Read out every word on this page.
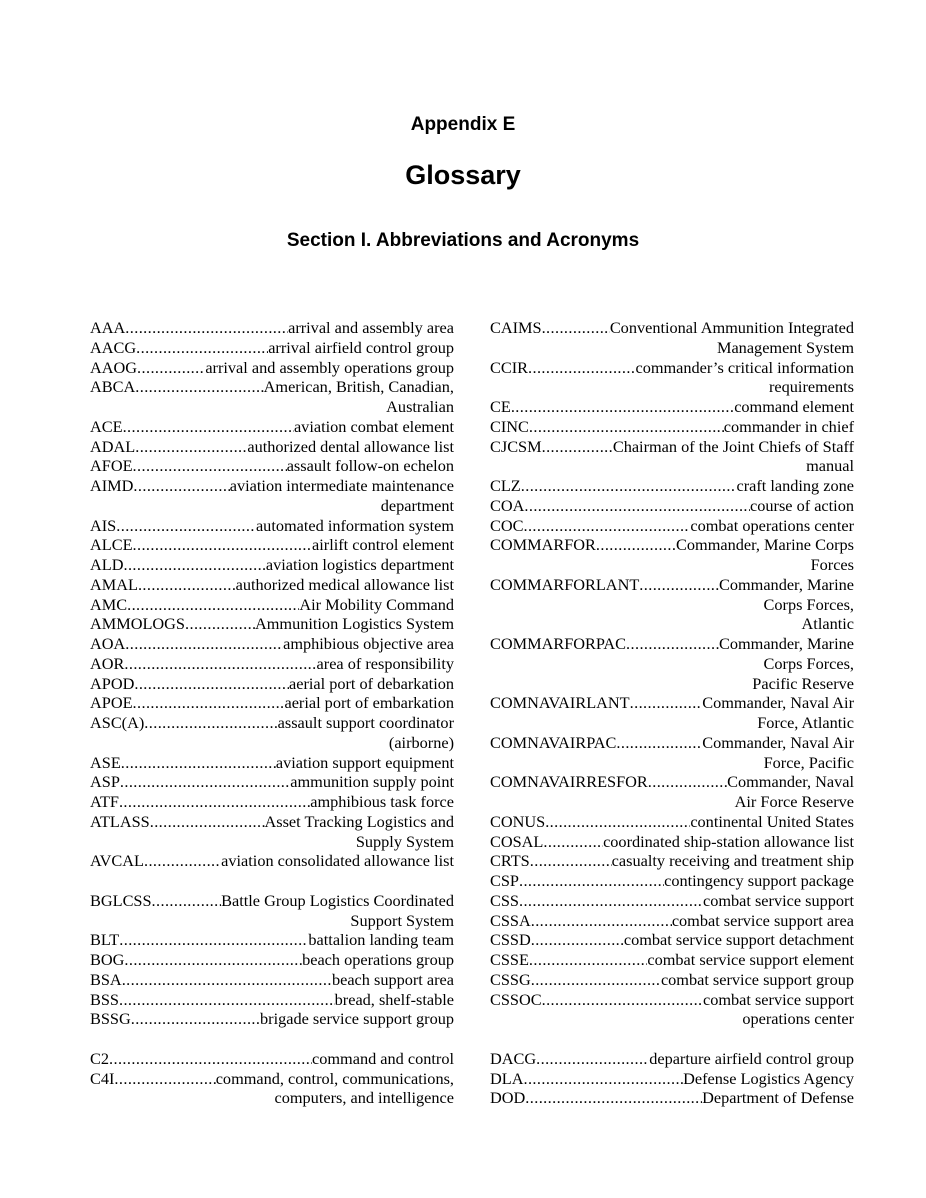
Appendix E
Glossary
Section I. Abbreviations and Acronyms
AAA .....	arrival and assembly area
AACG .....	arrival airfield control group
AAOG .....	arrival and assembly operations group
ABCA .....	American, British, Canadian,
Australian
ACE .....	aviation combat element
ADAL .....	authorized dental allowance list
AFOE .....	assault follow-on echelon
AIMD .....	aviation intermediate maintenance
department
AIS .....	automated information system
ALCE .....	airlift control element
ALD .....	aviation logistics department
AMAL .....	authorized medical allowance list
AMC .....	Air Mobility Command
AMMOLOGS .....	Ammunition Logistics System
AOA .....	amphibious objective area
AOR .....	area of responsibility
APOD .....	aerial port of debarkation
APOE .....	aerial port of embarkation
ASC(A) .....	assault support coordinator
(airborne)
ASE .....	aviation support equipment
ASP .....	ammunition supply point
ATF .....	amphibious task force
ATLASS .....	Asset Tracking Logistics and
Supply System
AVCAL .....	aviation consolidated allowance list
BGLCSS .....	Battle Group Logistics Coordinated
Support System
BLT .....	battalion landing team
BOG .....	beach operations group
BSA .....	beach support area
BSS .....	bread, shelf-stable
BSSG .....	brigade service support group
C2 .....	command and control
C4I .....	command, control, communications,
computers, and intelligence
CAIMS .....	Conventional Ammunition Integrated
Management System
CCIR .....	commander’s critical information
requirements
CE .....	command element
CINC .....	commander in chief
CJCSM .....	Chairman of the Joint Chiefs of Staff
manual
CLZ .....	craft landing zone
COA .....	course of action
COC .....	combat operations center
COMMARFOR .....	Commander, Marine Corps
Forces
COMMARFORLANT .....	Commander, Marine
Corps Forces,
Atlantic
COMMARFORPAC .....	Commander, Marine
Corps Forces,
Pacific Reserve
COMNAVAIRLANT .....	Commander, Naval Air
Force, Atlantic
COMNAVAIRPAC .....	Commander, Naval Air
Force, Pacific
COMNAVAIRRESFOR .....	Commander, Naval
Air Force Reserve
CONUS .....	continental United States
COSAL .....	coordinated ship-station allowance list
CRTS .....	casualty receiving and treatment ship
CSP .....	contingency support package
CSS .....	combat service support
CSSA .....	combat service support area
CSSD .....	combat service support detachment
CSSE .....	combat service support element
CSSG .....	combat service support group
CSSOC .....	combat service support
operations center
DACG .....	departure airfield control group
DLA .....	Defense Logistics Agency
DOD .....	Department of Defense
